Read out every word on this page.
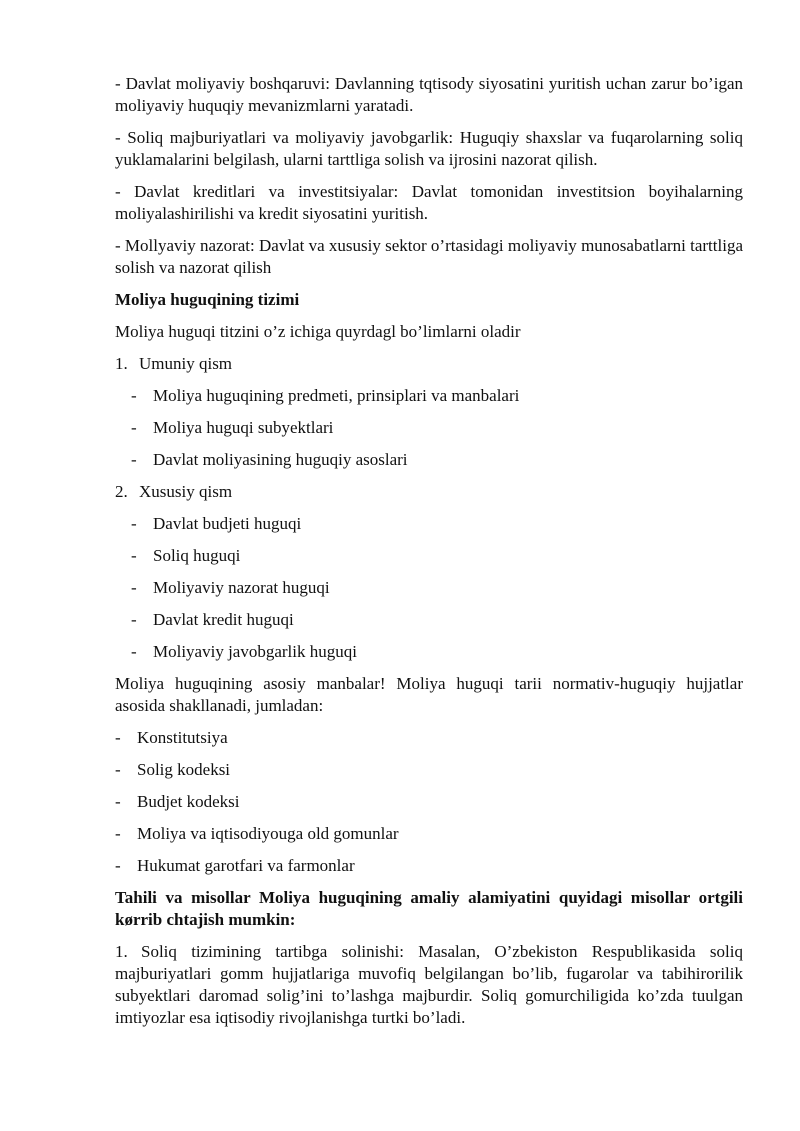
- Davlat moliyaviy boshqaruvi: Davlanning tqtisody siyosatini yuritish uchan zarur bo’igan moliyaviy huquqiy mevanizmlarni yaratadi.

- Soliq majburiyatlari va moliyaviy javobgarlik: Huguqiy shaxslar va fuqarolarning soliq yuklamalarini belgilash, ularni tarttliga solish va ijrosini nazorat qilish.

- Davlat kreditlari va investitsiyalar: Davlat tomonidan investitsion boyihalarning moliyalashirilishi va kredit siyosatini yuritish.

- Mollyaviy nazorat: Davlat va xususiy sektor o’rtasidagi moliyaviy munosabatlarni tarttliga solish va nazorat qilish

Moliya huguqining tizimi

Moliya huguqi titzini o’z ichiga quyrdagl bo’limlarni oladir

1. Umuniy qism
- Moliya huguqining predmeti, prinsiplari va manbalari
- Moliya huguqi subyektlari
- Davlat moliyasining huguqiy asoslari
2. Xususiy qism
- Davlat budjeti huguqi
- Soliq huguqi
- Moliyaviy nazorat huguqi
- Davlat kredit huguqi
- Moliyaviy javobgarlik huguqi

Moliya huguqining asosiy manbalar! Moliya huguqi tarii normativ-huguqiy hujjatlar asosida shakllanadi, jumladan:

- Konstitutsiya
- Solig kodeksi
- Budjet kodeksi
- Moliya va iqtisodiyouga old gomunlar
- Hukumat garotfari va farmonlar

Tahili va misollar Moliya huguqining amaliy alamiyatini quyidagi misollar ortgili kørrib chtajish mumkin:

1. Soliq tizimining tartibga solinishi: Masalan, O’zbekiston Respublikasida soliq majburiyatlari gomm hujjatlariga muvofiq belgilangan bo’lib, fugarolar va tabihirorilik subyektlari daromad solig’ini to’lashga majburdir. Soliq gomurchiligida ko’zda tuulgan imtiyozlar esa iqtisodiy rivojlanishga turtki bo’ladi.
